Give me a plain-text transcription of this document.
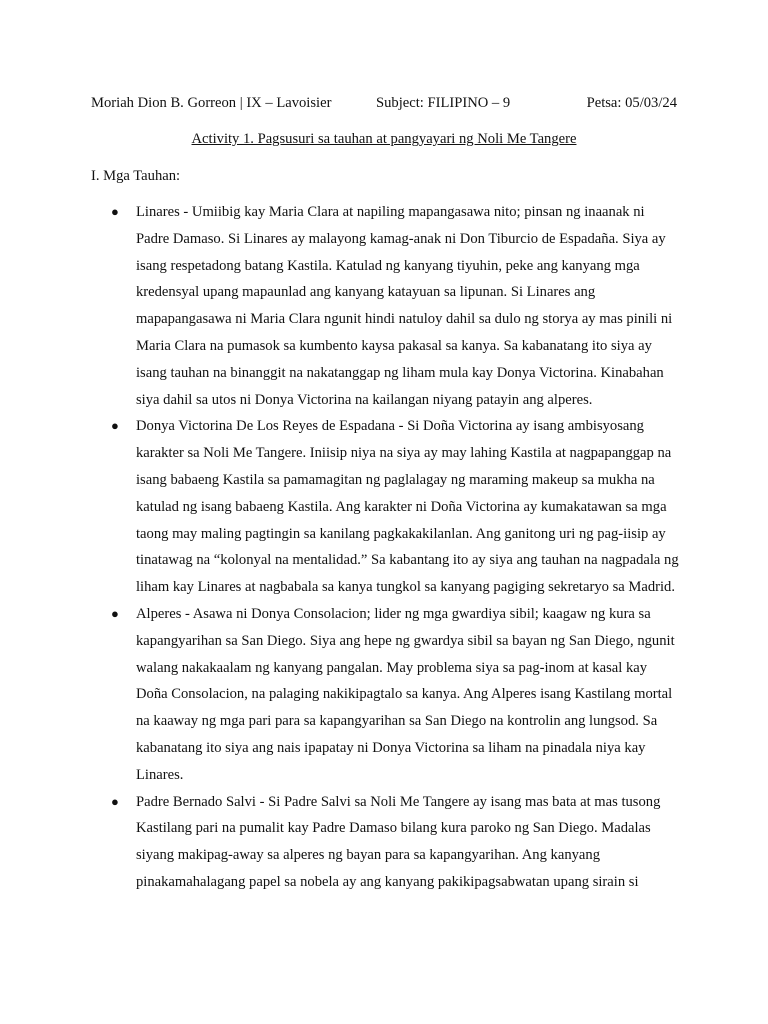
Moriah Dion B. Gorreon | IX – Lavoisier	Subject: FILIPINO – 9	Petsa: 05/03/24
Activity 1. Pagsusuri sa tauhan at pangyayari ng Noli Me Tangere
I. Mga Tauhan:
● Linares - Umiibig kay Maria Clara at napiling mapangasawa nito; pinsan ng inaanak ni Padre Damaso. Si Linares ay malayong kamag-anak ni Don Tiburcio de Espadaña. Siya ay isang respetadong batang Kastila. Katulad ng kanyang tiyuhin, peke ang kanyang mga kredensyal upang mapaunlad ang kanyang katayuan sa lipunan. Si Linares ang mapapangasawa ni Maria Clara ngunit hindi natuloy dahil sa dulo ng storya ay mas pinili ni Maria Clara na pumasok sa kumbento kaysa pakasal sa kanya. Sa kabanatang ito siya ay isang tauhan na binanggit na nakatanggap ng liham mula kay Donya Victorina. Kinabahan siya dahil sa utos ni Donya Victorina na kailangan niyang patayin ang alperes.
● Donya Victorina De Los Reyes de Espadana - Si Doña Victorina ay isang ambisyosang karakter sa Noli Me Tangere. Iniisip niya na siya ay may lahing Kastila at nagpapanggap na isang babaeng Kastila sa pamamagitan ng paglalagay ng maraming makeup sa mukha na katulad ng isang babaeng Kastila. Ang karakter ni Doña Victorina ay kumakatawan sa mga taong may maling pagtingin sa kanilang pagkakakilanlan. Ang ganitong uri ng pag-iisip ay tinatawag na “kolonyal na mentalidad.” Sa kabantang ito ay siya ang tauhan na nagpadala ng liham kay Linares at nagbabala sa kanya tungkol sa kanyang pagiging sekretaryo sa Madrid.
● Alperes - Asawa ni Donya Consolacion; lider ng mga gwardiya sibil; kaagaw ng kura sa kapangyarihan sa San Diego. Siya ang hepe ng gwardya sibil sa bayan ng San Diego, ngunit walang nakakaalam ng kanyang pangalan. May problema siya sa pag-inom at kasal kay Doña Consolacion, na palaging nakikipagtalo sa kanya. Ang Alperes isang Kastilang mortal na kaaway ng mga pari para sa kapangyarihan sa San Diego na kontrolin ang lungsod. Sa kabanatang ito siya ang nais ipapatay ni Donya Victorina sa liham na pinadala niya kay Linares.
● Padre Bernado Salvi - Si Padre Salvi sa Noli Me Tangere ay isang mas bata at mas tusong Kastilang pari na pumalit kay Padre Damaso bilang kura paroko ng San Diego. Madalas siyang makipag-away sa alperes ng bayan para sa kapangyarihan. Ang kanyang pinakamahalagang papel sa nobela ay ang kanyang pakikipagsabwatan upang sirain si
